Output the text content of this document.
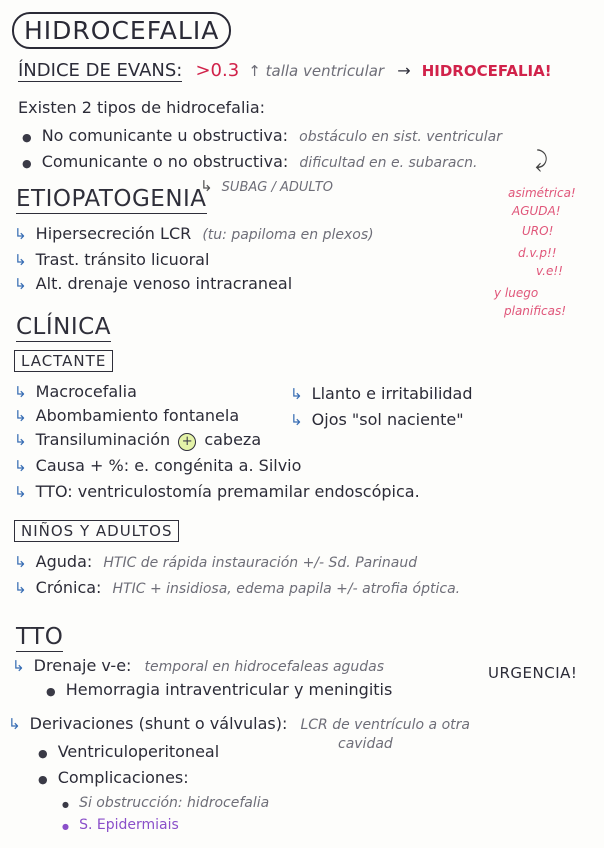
HIDROCEFALIA
ÍNDICE DE EVANS: >0.3 ↑ talla ventricular → HIDROCEFALIA!
Existen 2 tipos de hidrocefalia:
● No comunicante u obstructiva: obstáculo en sist. ventricular
● Comunicante o no obstructiva: dificultad en e. subaracn.	⤸
↳ SUBAG / ADULTO
ETIOPATOGENIA
↳ Hipersecreción LCR (tu: papiloma en plexos)
↳ Trast. tránsito licuoral
↳ Alt. drenaje venoso intracraneal
asimétrica!
AGUDA!
URO!
d.v.p!!
v.e!!
y luego
planificas!
CLÍNICA
LACTANTE
↳ Macrocefalia
↳ Abombamiento fontanela
↳ Transiluminación + cabeza
↳ Causa + %: e. congénita a. Silvio
↳ TTO: ventriculostomía premamilar endoscópica.
↳ Llanto e irritabilidad
↳ Ojos "sol naciente"
NIÑOS Y ADULTOS
↳ Aguda: HTIC de rápida instauración +/- Sd. Parinaud
↳ Crónica: HTIC + insidiosa, edema papila +/- atrofia óptica.
TTO
↳ Drenaje v-e: temporal en hidrocefaleas agudas
● Hemorragia intraventricular y meningitis
URGENCIA!
↳ Derivaciones (shunt o válvulas): LCR de ventrículo a otra
cavidad
● Ventriculoperitoneal
● Complicaciones:
● Si obstrucción: hidrocefalia
● S. Epidermiais
